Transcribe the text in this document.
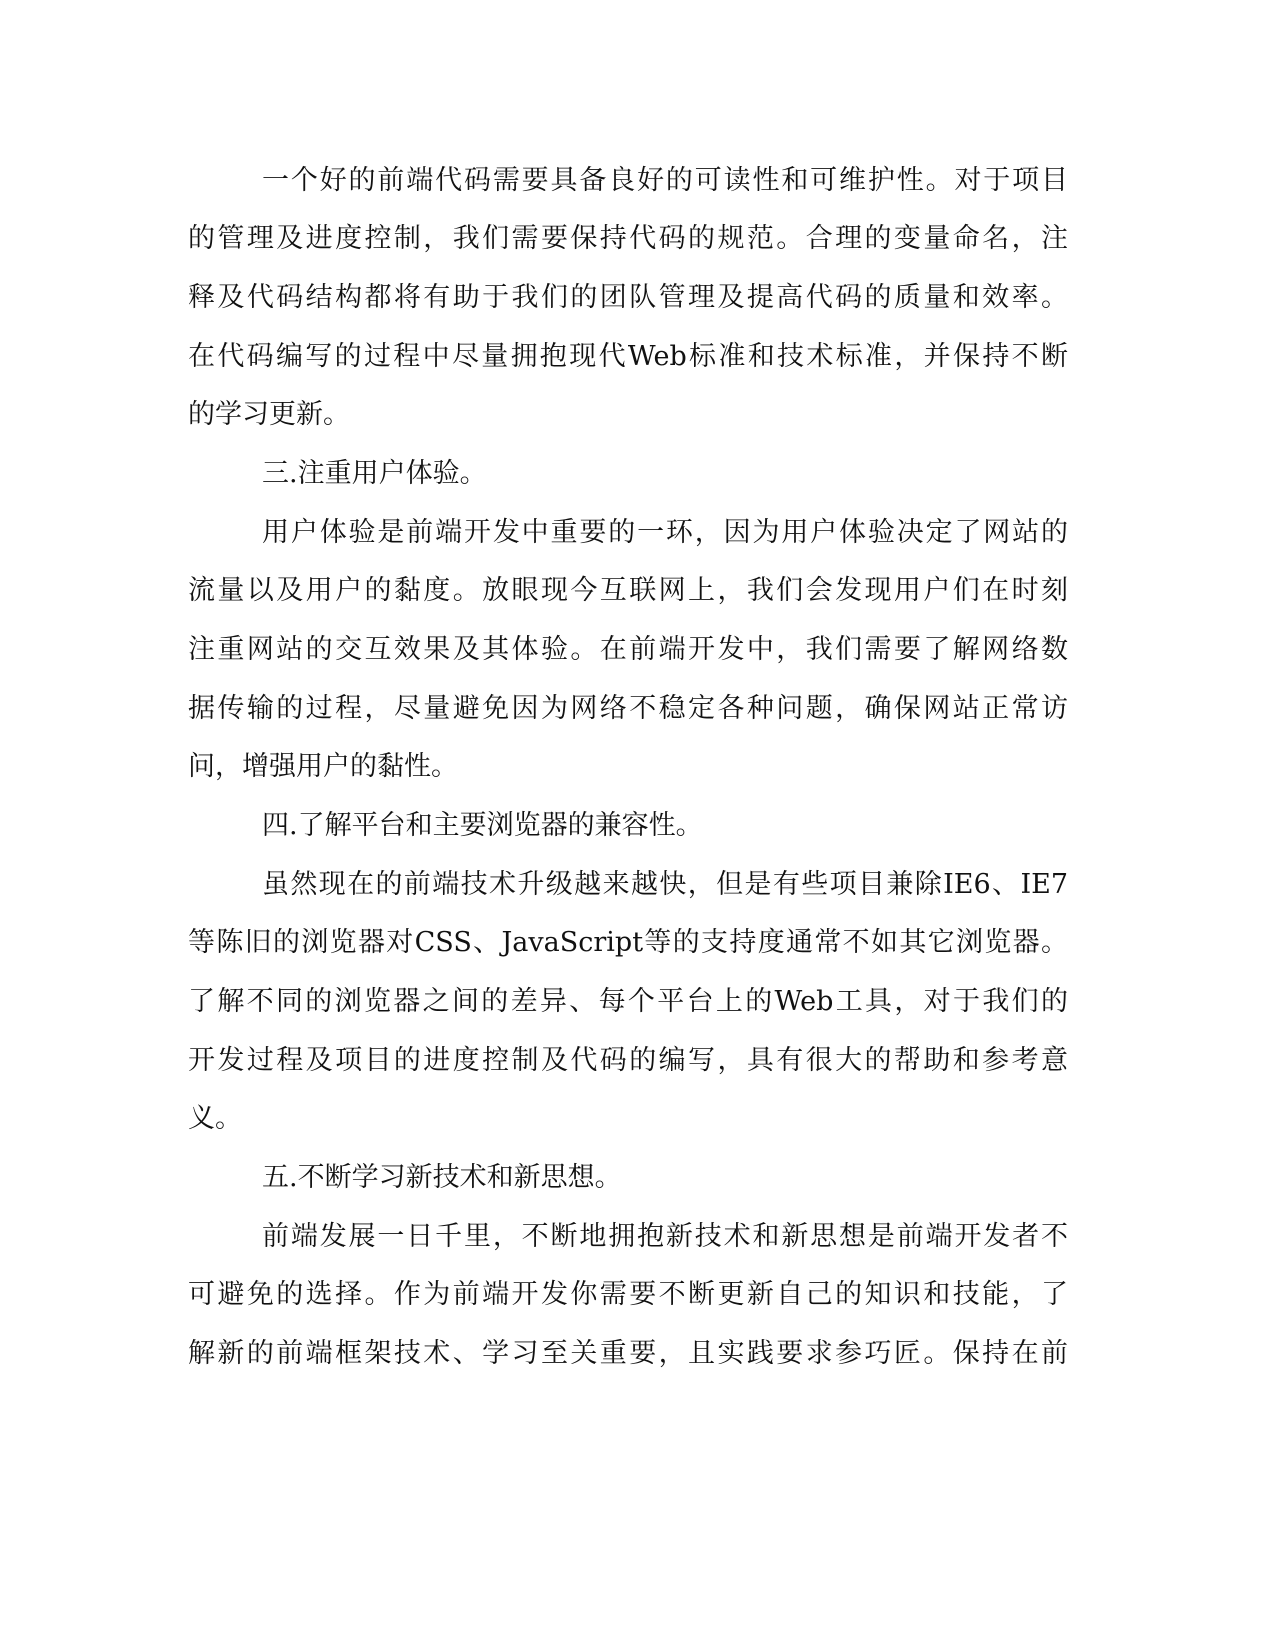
一个好的前端代码需要具备良好的可读性和可维护性。对于项目
的管理及进度控制，我们需要保持代码的规范。合理的变量命名，注
释及代码结构都将有助于我们的团队管理及提高代码的质量和效率。
在代码编写的过程中尽量拥抱现代Web标准和技术标准，并保持不断
的学习更新。
三.注重用户体验。
用户体验是前端开发中重要的一环，因为用户体验决定了网站的
流量以及用户的黏度。放眼现今互联网上，我们会发现用户们在时刻
注重网站的交互效果及其体验。在前端开发中，我们需要了解网络数
据传输的过程，尽量避免因为网络不稳定各种问题，确保网站正常访
问，增强用户的黏性。
四.了解平台和主要浏览器的兼容性。
虽然现在的前端技术升级越来越快，但是有些项目兼除IE6、IE7
等陈旧的浏览器对CSS、JavaScript等的支持度通常不如其它浏览器。
了解不同的浏览器之间的差异、每个平台上的Web工具，对于我们的
开发过程及项目的进度控制及代码的编写，具有很大的帮助和参考意
义。
五.不断学习新技术和新思想。
前端发展一日千里，不断地拥抱新技术和新思想是前端开发者不
可避免的选择。作为前端开发你需要不断更新自己的知识和技能，了
解新的前端框架技术、学习至关重要，且实践要求参巧匠。保持在前
